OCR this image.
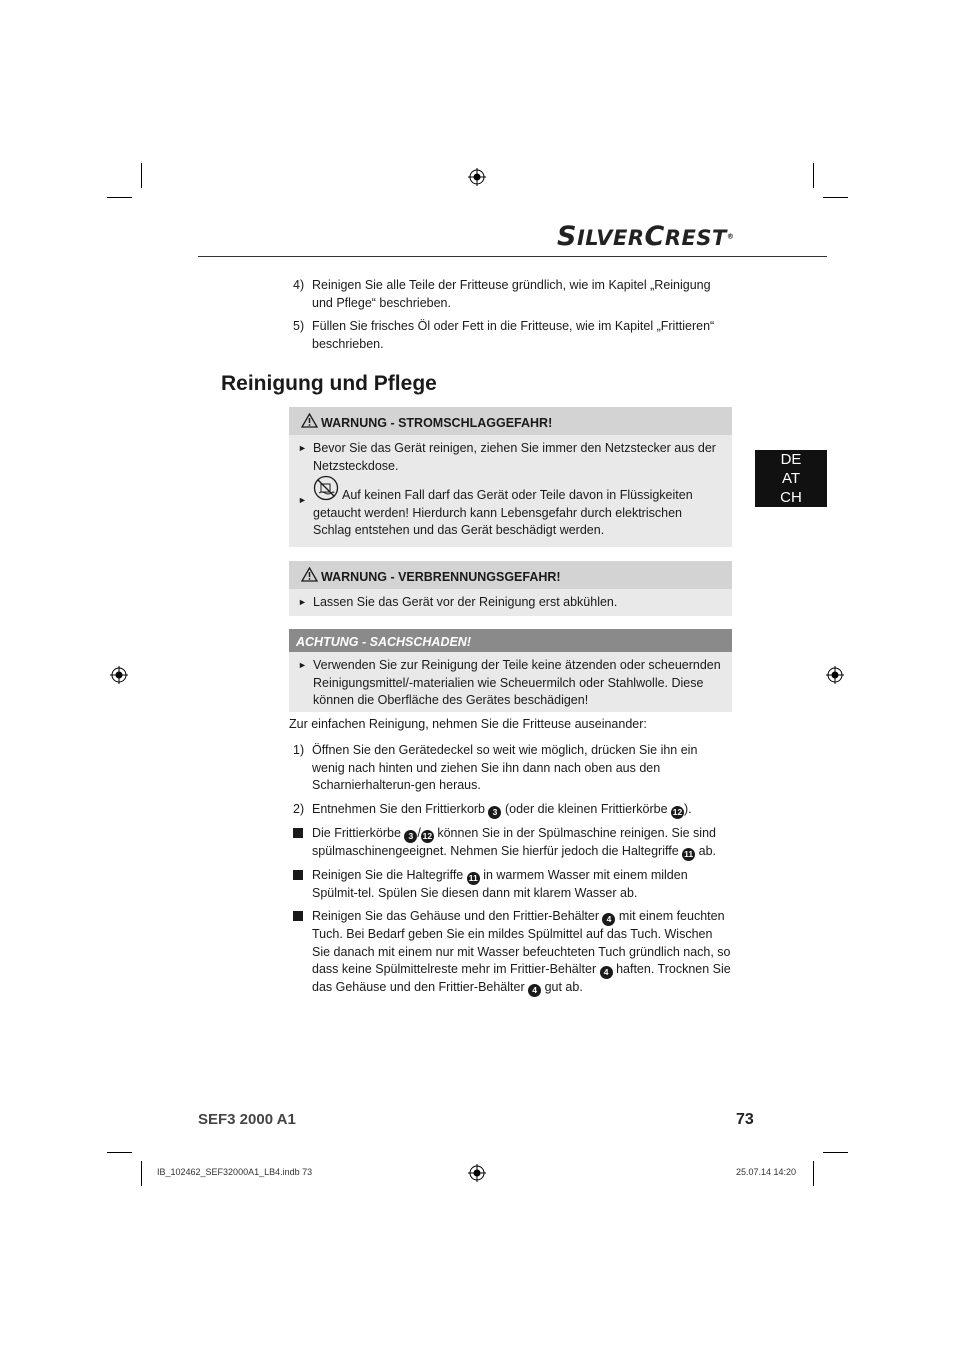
SILVERCREST®
4) Reinigen Sie alle Teile der Fritteuse gründlich, wie im Kapitel „Reinigung und Pflege“ beschrieben.
5) Füllen Sie frisches Öl oder Fett in die Fritteuse, wie im Kapitel „Frittieren“ beschrieben.
Reinigung und Pflege
WARNUNG - STROMSCHLAGGEFAHR!
► Bevor Sie das Gerät reinigen, ziehen Sie immer den Netzstecker aus der Netzsteckdose.
►	Auf keinen Fall darf das Gerät oder Teile davon in Flüssigkeiten getaucht werden! Hierdurch kann Lebensgefahr durch elektrischen Schlag entstehen und das Gerät beschädigt werden.
WARNUNG - VERBRENNUNGSGEFAHR!
► Lassen Sie das Gerät vor der Reinigung erst abkühlen.
ACHTUNG - SACHSCHADEN!
► Verwenden Sie zur Reinigung der Teile keine ätzenden oder scheuernden Reinigungsmittel/-materialien wie Scheuermilch oder Stahlwolle. Diese können die Oberfläche des Gerätes beschädigen!
Zur einfachen Reinigung, nehmen Sie die Fritteuse auseinander:
1) Öffnen Sie den Gerätedeckel so weit wie möglich, drücken Sie ihn ein wenig nach hinten und ziehen Sie ihn dann nach oben aus den Scharnierhalterun-gen heraus.
2) Entnehmen Sie den Frittierkorb 3 (oder die kleinen Frittierkörbe 12 ).
Die Frittierkörbe 3 / 12 können Sie in der Spülmaschine reinigen. Sie sind spülmaschinengeeignet. Nehmen Sie hierfür jedoch die Haltegriffe 11 ab.
Reinigen Sie die Haltegriffe 11 in warmem Wasser mit einem milden Spülmit-tel. Spülen Sie diesen dann mit klarem Wasser ab.
Reinigen Sie das Gehäuse und den Frittier-Behälter 4 mit einem feuchten Tuch. Bei Bedarf geben Sie ein mildes Spülmittel auf das Tuch. Wischen Sie danach mit einem nur mit Wasser befeuchteten Tuch gründlich nach, so dass keine Spülmittelreste mehr im Frittier-Behälter 4 haften. Trocknen Sie das Gehäuse und den Frittier-Behälter 4 gut ab.
DE
AT
CH
SEF3 2000 A1	73
IB_102462_SEF32000A1_LB4.indb 73	25.07.14 14:20
